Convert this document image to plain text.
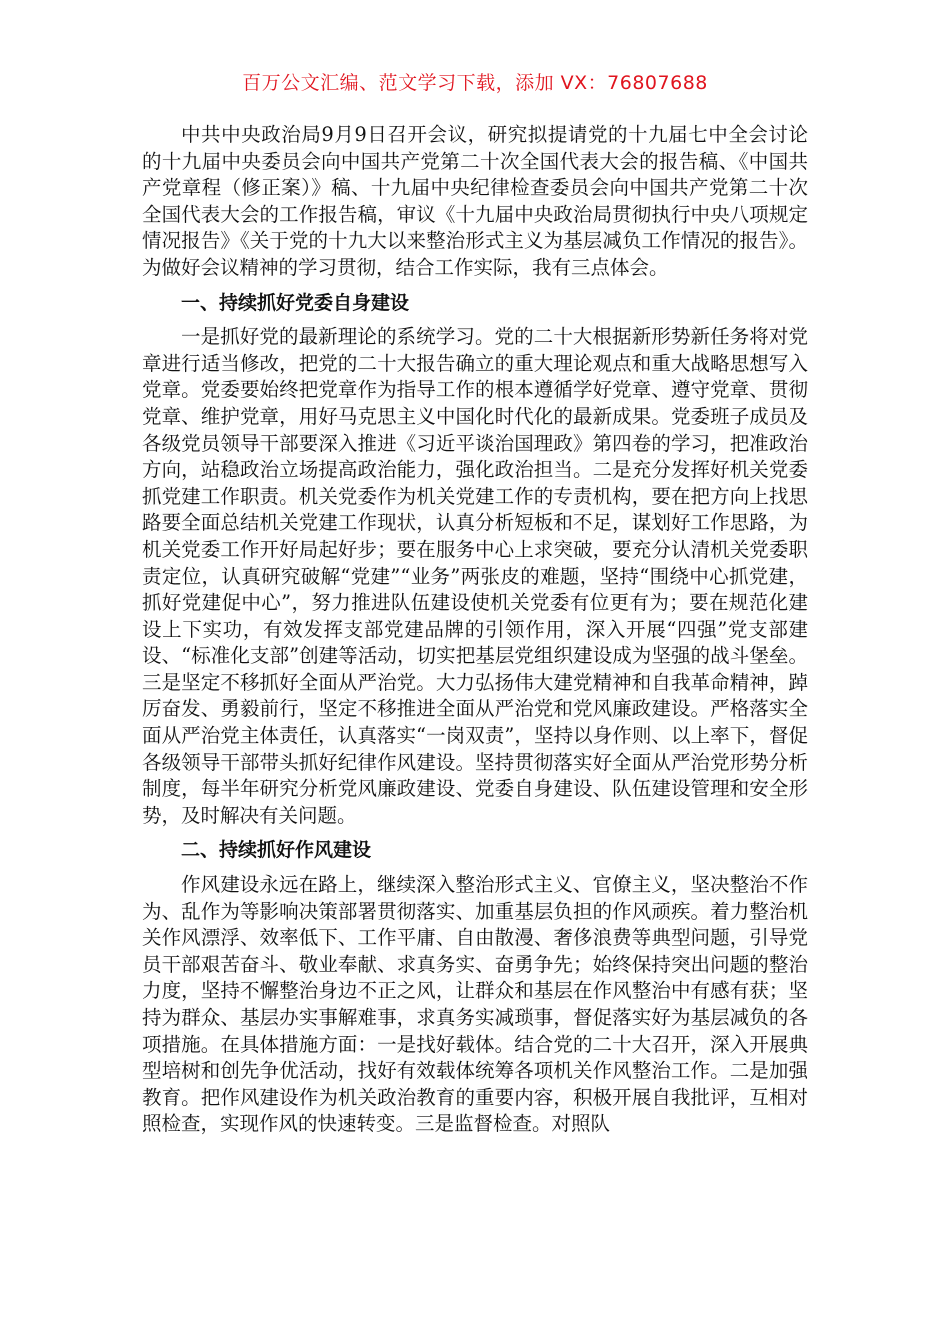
百万公文汇编、范文学习下载，添加 VX：76807688

中共中央政治局9月9日召开会议，研究拟提请党的十九届七中全会讨论的十九届中央委员会向中国共产党第二十次全国代表大会的报告稿、《中国共产党章程（修正案）》稿、十九届中央纪律检查委员会向中国共产党第二十次全国代表大会的工作报告稿，审议《十九届中央政治局贯彻执行中央八项规定情况报告》《关于党的十九大以来整治形式主义为基层减负工作情况的报告》。为做好会议精神的学习贯彻，结合工作实际，我有三点体会。

一、持续抓好党委自身建设

一是抓好党的最新理论的系统学习。党的二十大根据新形势新任务将对党章进行适当修改，把党的二十大报告确立的重大理论观点和重大战略思想写入党章。党委要始终把党章作为指导工作的根本遵循学好党章、遵守党章、贯彻党章、维护党章，用好马克思主义中国化时代化的最新成果。党委班子成员及各级党员领导干部要深入推进《习近平谈治国理政》第四卷的学习，把准政治方向，站稳政治立场提高政治能力，强化政治担当。二是充分发挥好机关党委抓党建工作职责。机关党委作为机关党建工作的专责机构，要在把方向上找思路要全面总结机关党建工作现状，认真分析短板和不足，谋划好工作思路，为机关党委工作开好局起好步；要在服务中心上求突破，要充分认清机关党委职责定位，认真研究破解“党建”“业务”两张皮的难题，坚持“围绕中心抓党建，抓好党建促中心”，努力推进队伍建设使机关党委有位更有为；要在规范化建设上下实功，有效发挥支部党建品牌的引领作用，深入开展“四强”党支部建设、“标准化支部”创建等活动，切实把基层党组织建设成为坚强的战斗堡垒。三是坚定不移抓好全面从严治党。大力弘扬伟大建党精神和自我革命精神，踔厉奋发、勇毅前行，坚定不移推进全面从严治党和党风廉政建设。严格落实全面从严治党主体责任，认真落实“一岗双责”，坚持以身作则、以上率下，督促各级领导干部带头抓好纪律作风建设。坚持贯彻落实好全面从严治党形势分析制度，每半年研究分析党风廉政建设、党委自身建设、队伍建设管理和安全形势，及时解决有关问题。

二、持续抓好作风建设

作风建设永远在路上，继续深入整治形式主义、官僚主义，坚决整治不作为、乱作为等影响决策部署贯彻落实、加重基层负担的作风顽疾。着力整治机关作风漂浮、效率低下、工作平庸、自由散漫、奢侈浪费等典型问题，引导党员干部艰苦奋斗、敬业奉献、求真务实、奋勇争先；始终保持突出问题的整治力度，坚持不懈整治身边不正之风，让群众和基层在作风整治中有感有获；坚持为群众、基层办实事解难事，求真务实减琐事，督促落实好为基层减负的各项措施。在具体措施方面：一是找好载体。结合党的二十大召开，深入开展典型培树和创先争优活动，找好有效载体统筹各项机关作风整治工作。二是加强教育。把作风建设作为机关政治教育的重要内容，积极开展自我批评，互相对照检查，实现作风的快速转变。三是监督检查。对照队
